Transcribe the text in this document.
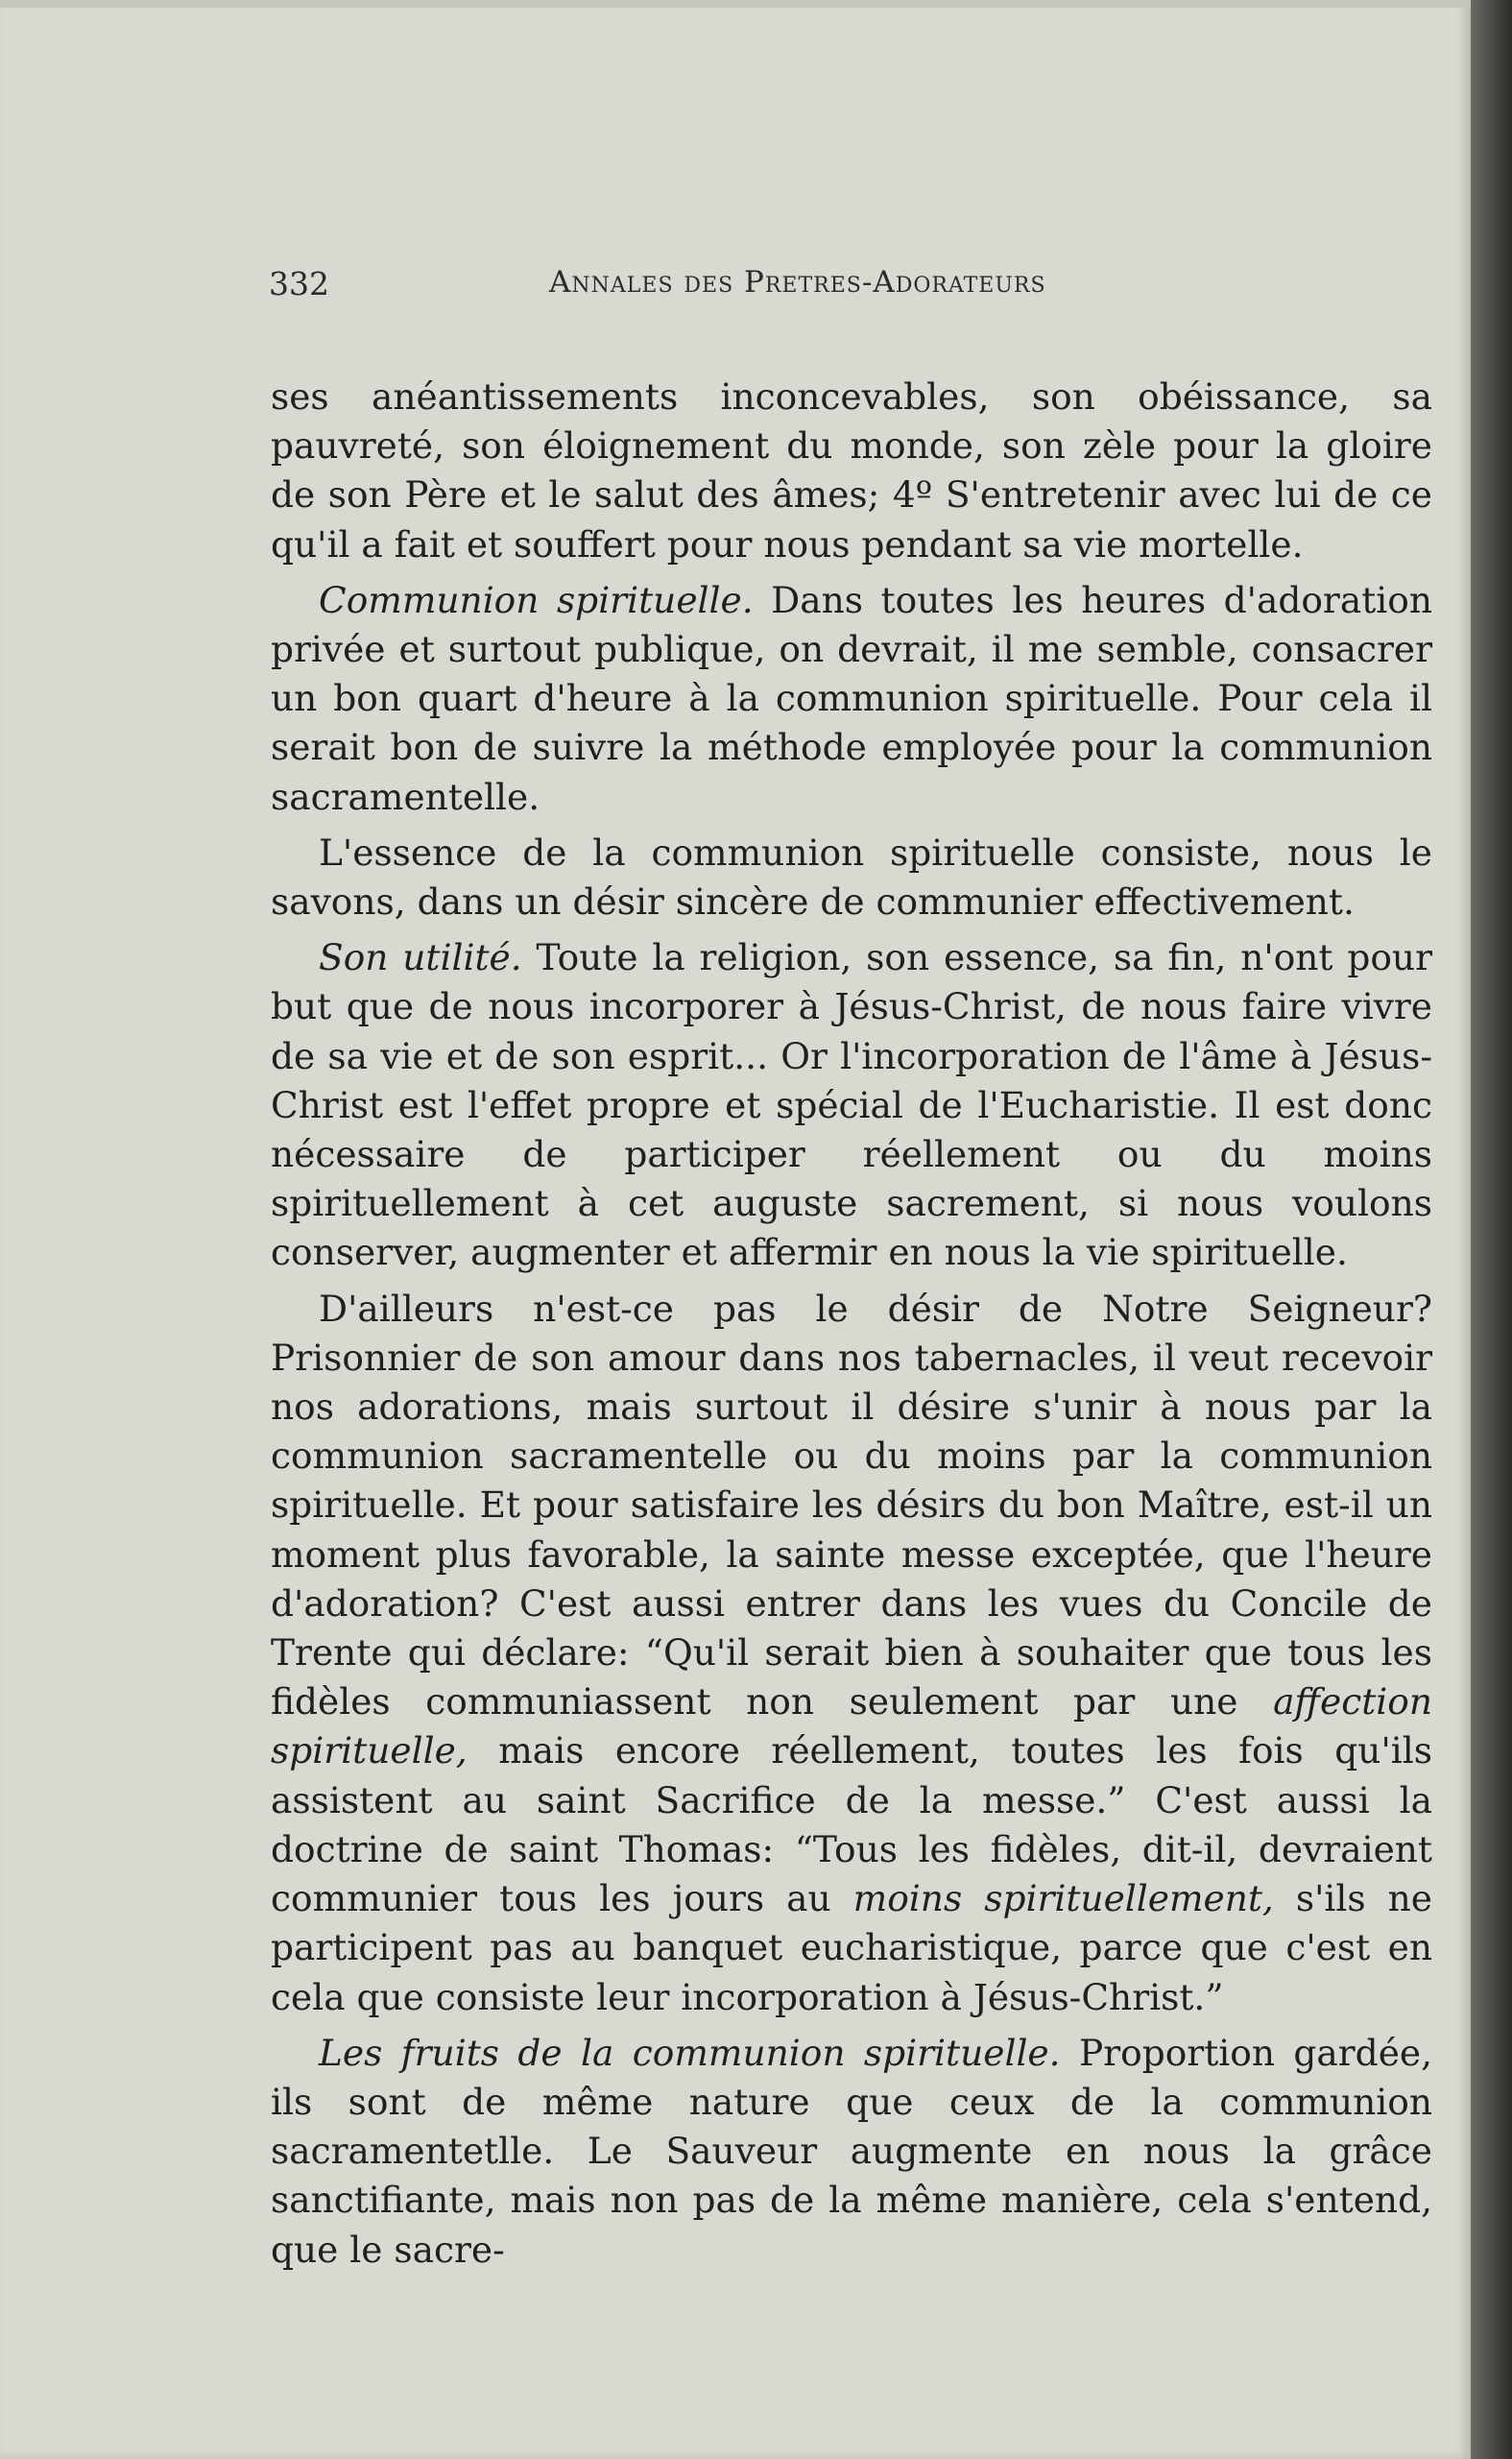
332	Annales des Pretres-Adorateurs

ses anéantissements inconcevables, son obéissance, sa pauvreté, son éloignement du monde, son zèle pour la gloire de son Père et le salut des âmes; 4º S'entretenir avec lui de ce qu'il a fait et souffert pour nous pendant sa vie mortelle.

Communion spirituelle. Dans toutes les heures d'adoration privée et surtout publique, on devrait, il me semble, consacrer un bon quart d'heure à la communion spirituelle. Pour cela il serait bon de suivre la méthode employée pour la communion sacramentelle.

L'essence de la communion spirituelle consiste, nous le savons, dans un désir sincère de communier effectivement.

Son utilité. Toute la religion, son essence, sa fin, n'ont pour but que de nous incorporer à Jésus-Christ, de nous faire vivre de sa vie et de son esprit... Or l'incorporation de l'âme à Jésus-Christ est l'effet propre et spécial de l'Eucharistie. Il est donc nécessaire de participer réellement ou du moins spirituellement à cet auguste sacrement, si nous voulons conserver, augmenter et affermir en nous la vie spirituelle.

D'ailleurs n'est-ce pas le désir de Notre Seigneur? Prisonnier de son amour dans nos tabernacles, il veut recevoir nos adorations, mais surtout il désire s'unir à nous par la communion sacramentelle ou du moins par la communion spirituelle. Et pour satisfaire les désirs du bon Maître, est-il un moment plus favorable, la sainte messe exceptée, que l'heure d'adoration? C'est aussi entrer dans les vues du Concile de Trente qui déclare: “Qu'il serait bien à souhaiter que tous les fidèles communiassent non seulement par une affection spirituelle, mais encore réellement, toutes les fois qu'ils assistent au saint Sacrifice de la messe.” C'est aussi la doctrine de saint Thomas: “Tous les fidèles, dit-il, devraient communier tous les jours au moins spirituellement, s'ils ne participent pas au banquet eucharistique, parce que c'est en cela que consiste leur incorporation à Jésus-Christ.”

Les fruits de la communion spirituelle. Proportion gardée, ils sont de même nature que ceux de la communion sacramentetlle. Le Sauveur augmente en nous la grâce sanctifiante, mais non pas de la même manière, cela s'entend, que le sacre-
